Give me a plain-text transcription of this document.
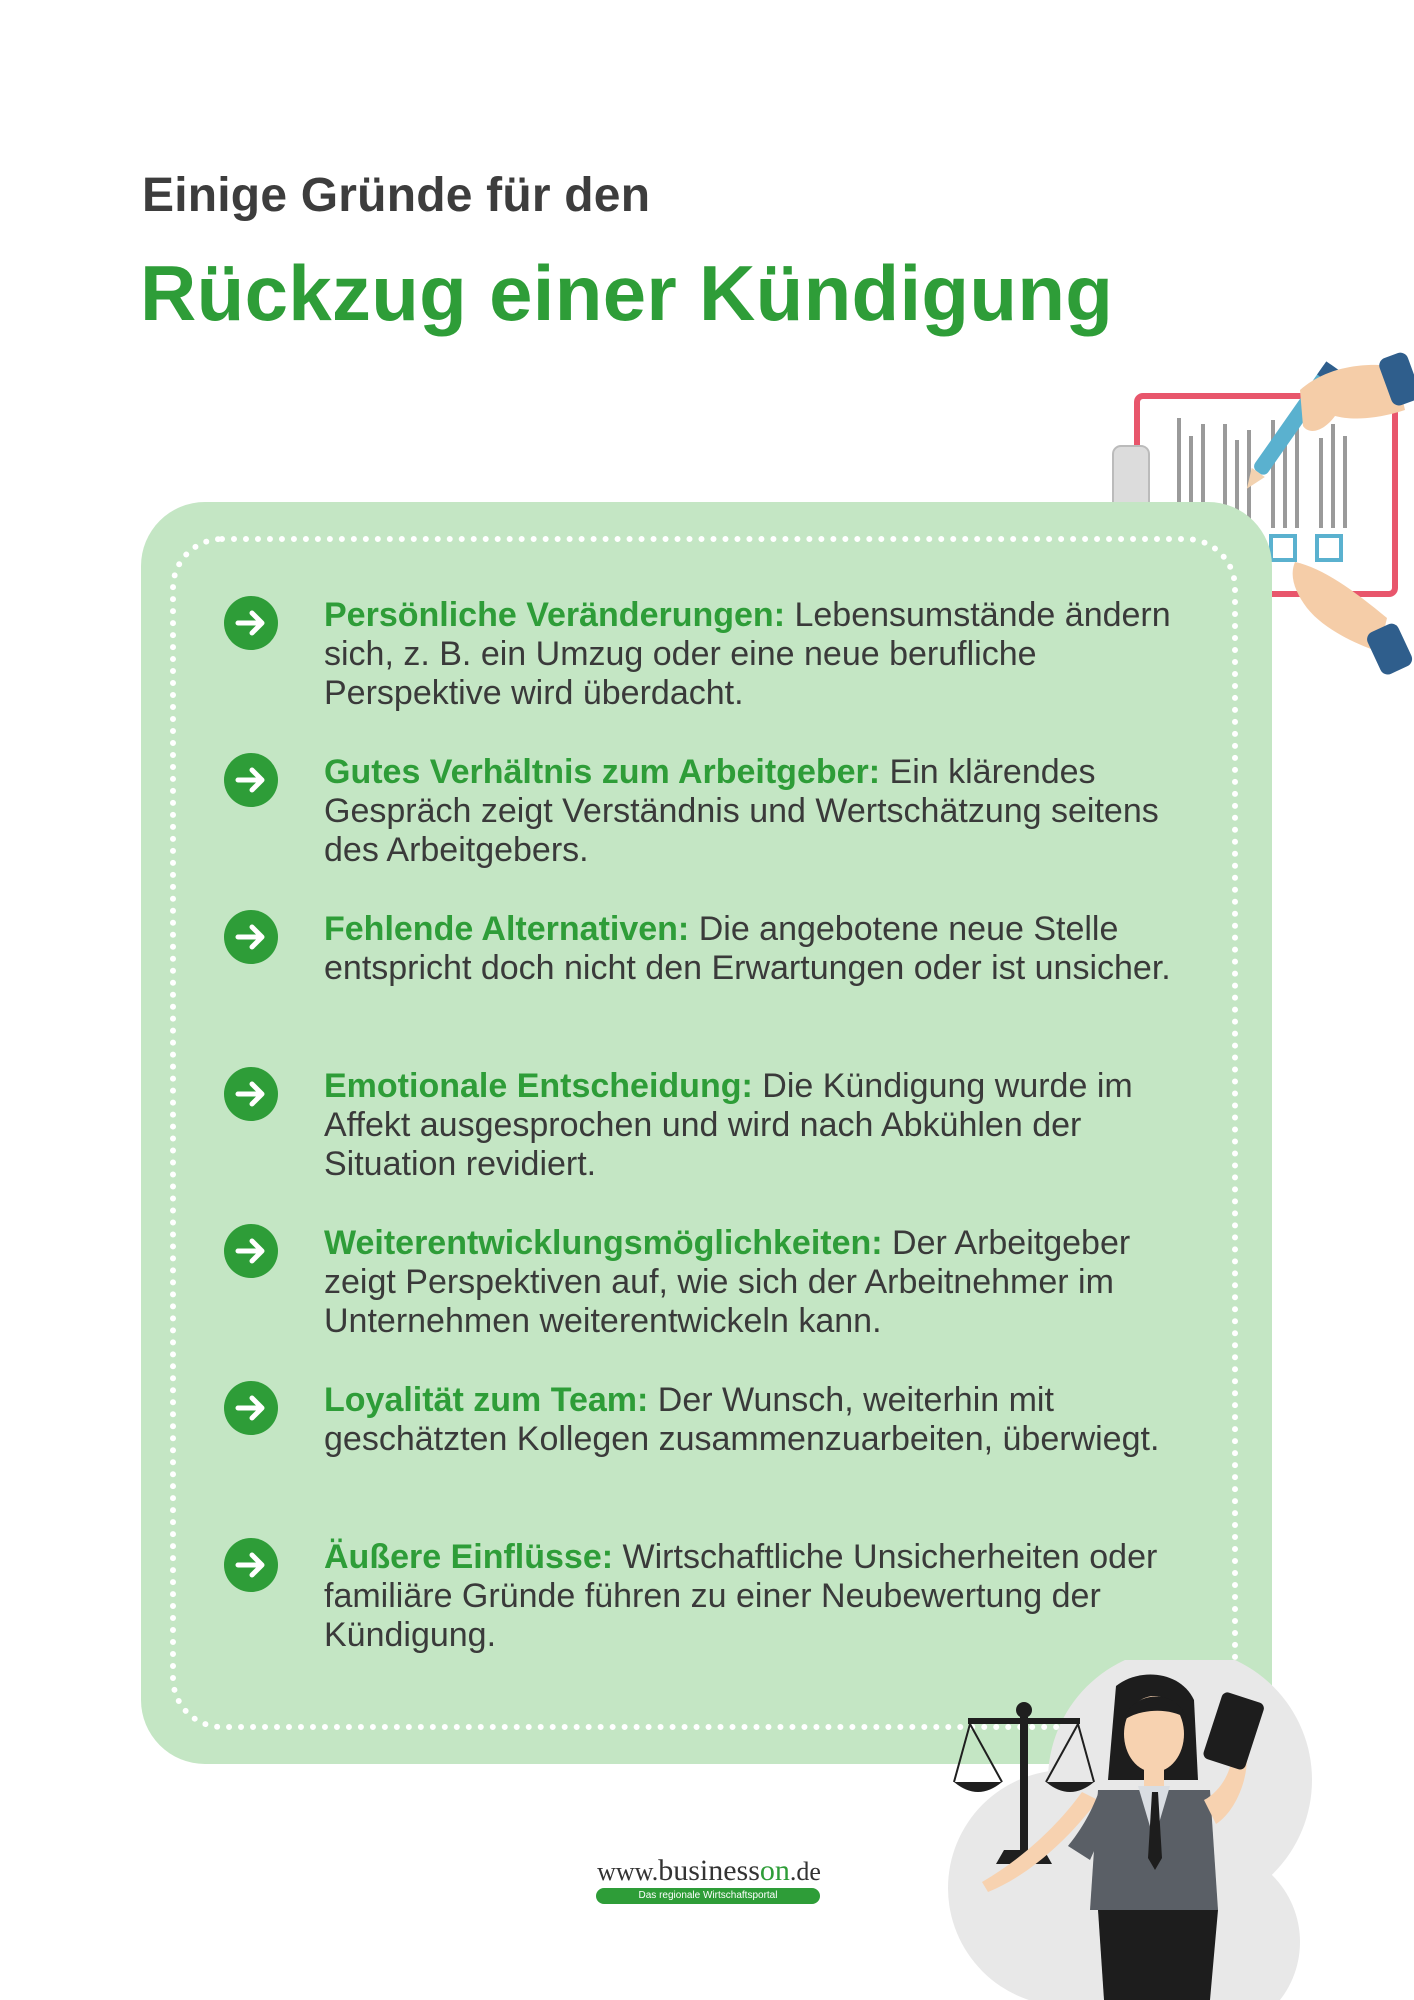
Einige Gründe für den
Rückzug einer Kündigung
Persönliche Veränderungen: Lebensumstände ändern sich, z. B. ein Umzug oder eine neue berufliche Perspektive wird überdacht.
Gutes Verhältnis zum Arbeitgeber: Ein klärendes Gespräch zeigt Verständnis und Wertschätzung seitens des Arbeitgebers.
Fehlende Alternativen: Die angebotene neue Stelle entspricht doch nicht den Erwartungen oder ist unsicher.
Emotionale Entscheidung: Die Kündigung wurde im Affekt ausgesprochen und wird nach Abkühlen der Situation revidiert.
Weiterentwicklungsmöglichkeiten: Der Arbeitgeber zeigt Perspektiven auf, wie sich der Arbeitnehmer im Unternehmen weiterentwickeln kann.
Loyalität zum Team: Der Wunsch, weiterhin mit geschätzten Kollegen zusammenzuarbeiten, überwiegt.
Äußere Einflüsse: Wirtschaftliche Unsicherheiten oder familiäre Gründe führen zu einer Neubewertung der Kündigung.
www.businesson.de
Das regionale Wirtschaftsportal
